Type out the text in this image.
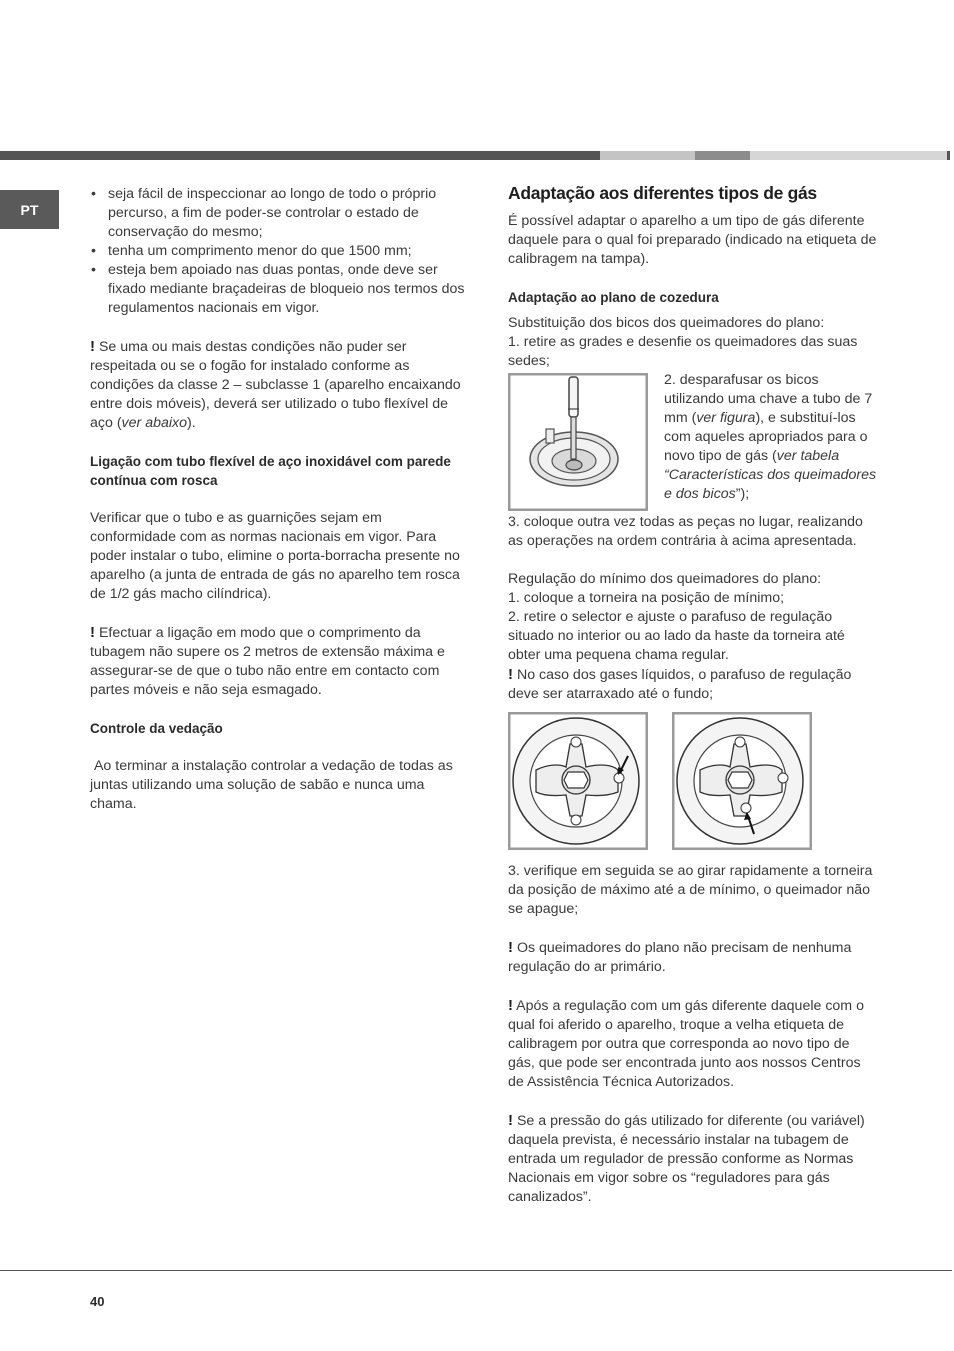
PT
• seja fácil de inspeccionar ao longo de todo o próprio percurso, a fim de poder-se controlar o estado de conservação do mesmo;
• tenha um comprimento menor do que 1500 mm;
• esteja bem apoiado nas duas pontas, onde deve ser fixado mediante braçadeiras de bloqueio nos termos dos regulamentos nacionais em vigor.

! Se uma ou mais destas condições não puder ser respeitada ou se o fogão for instalado conforme as condições da classe 2 – subclasse 1 (aparelho encaixando entre dois móveis), deverá ser utilizado o tubo flexível de aço (ver abaixo).

Ligação com tubo flexível de aço inoxidável com parede contínua com rosca

Verificar que o tubo e as guarnições sejam em conformidade com as normas nacionais em vigor. Para poder instalar o tubo, elimine o porta-borracha presente no aparelho (a junta de entrada de gás no aparelho tem rosca de 1/2 gás macho cilíndrica).

! Efectuar a ligação em modo que o comprimento da tubagem não supere os 2 metros de extensão máxima e assegurar-se de que o tubo não entre em contacto com partes móveis e não seja esmagado.

Controle da vedação

Ao terminar a instalação controlar a vedação de todas as juntas utilizando uma solução de sabão e nunca uma chama.

Adaptação aos diferentes tipos de gás

É possível adaptar o aparelho a um tipo de gás diferente daquele para o qual foi preparado (indicado na etiqueta de calibragem na tampa).

Adaptação ao plano de cozedura

Substituição dos bicos dos queimadores do plano:

1. retire as grades e desenfie os queimadores das suas sedes;

2. desparafusar os bicos utilizando uma chave a tubo de 7 mm (ver figura), e substituí-los com aqueles apropriados para o novo tipo de gás (ver tabela “Características dos queimadores e dos bicos”);

3. coloque outra vez todas as peças no lugar, realizando as operações na ordem contrária à acima apresentada.

Regulação do mínimo dos queimadores do plano:

1. coloque a torneira na posição de mínimo;

2. retire o selector e ajuste o parafuso de regulação situado no interior ou ao lado da haste da torneira até obter uma pequena chama regular.

! No caso dos gases líquidos, o parafuso de regulação deve ser atarraxado até o fundo;

3. verifique em seguida se ao girar rapidamente a torneira da posição de máximo até a de mínimo, o queimador não se apague;

! Os queimadores do plano não precisam de nenhuma regulação do ar primário.

! Após a regulação com um gás diferente daquele com o qual foi aferido o aparelho, troque a velha etiqueta de calibragem por outra que corresponda ao novo tipo de gás, que pode ser encontrada junto aos nossos Centros de Assistência Técnica Autorizados.

! Se a pressão do gás utilizado for diferente (ou variável) daquela prevista, é necessário instalar na tubagem de entrada um regulador de pressão conforme as Normas Nacionais em vigor sobre os “reguladores para gás canalizados”.

40
